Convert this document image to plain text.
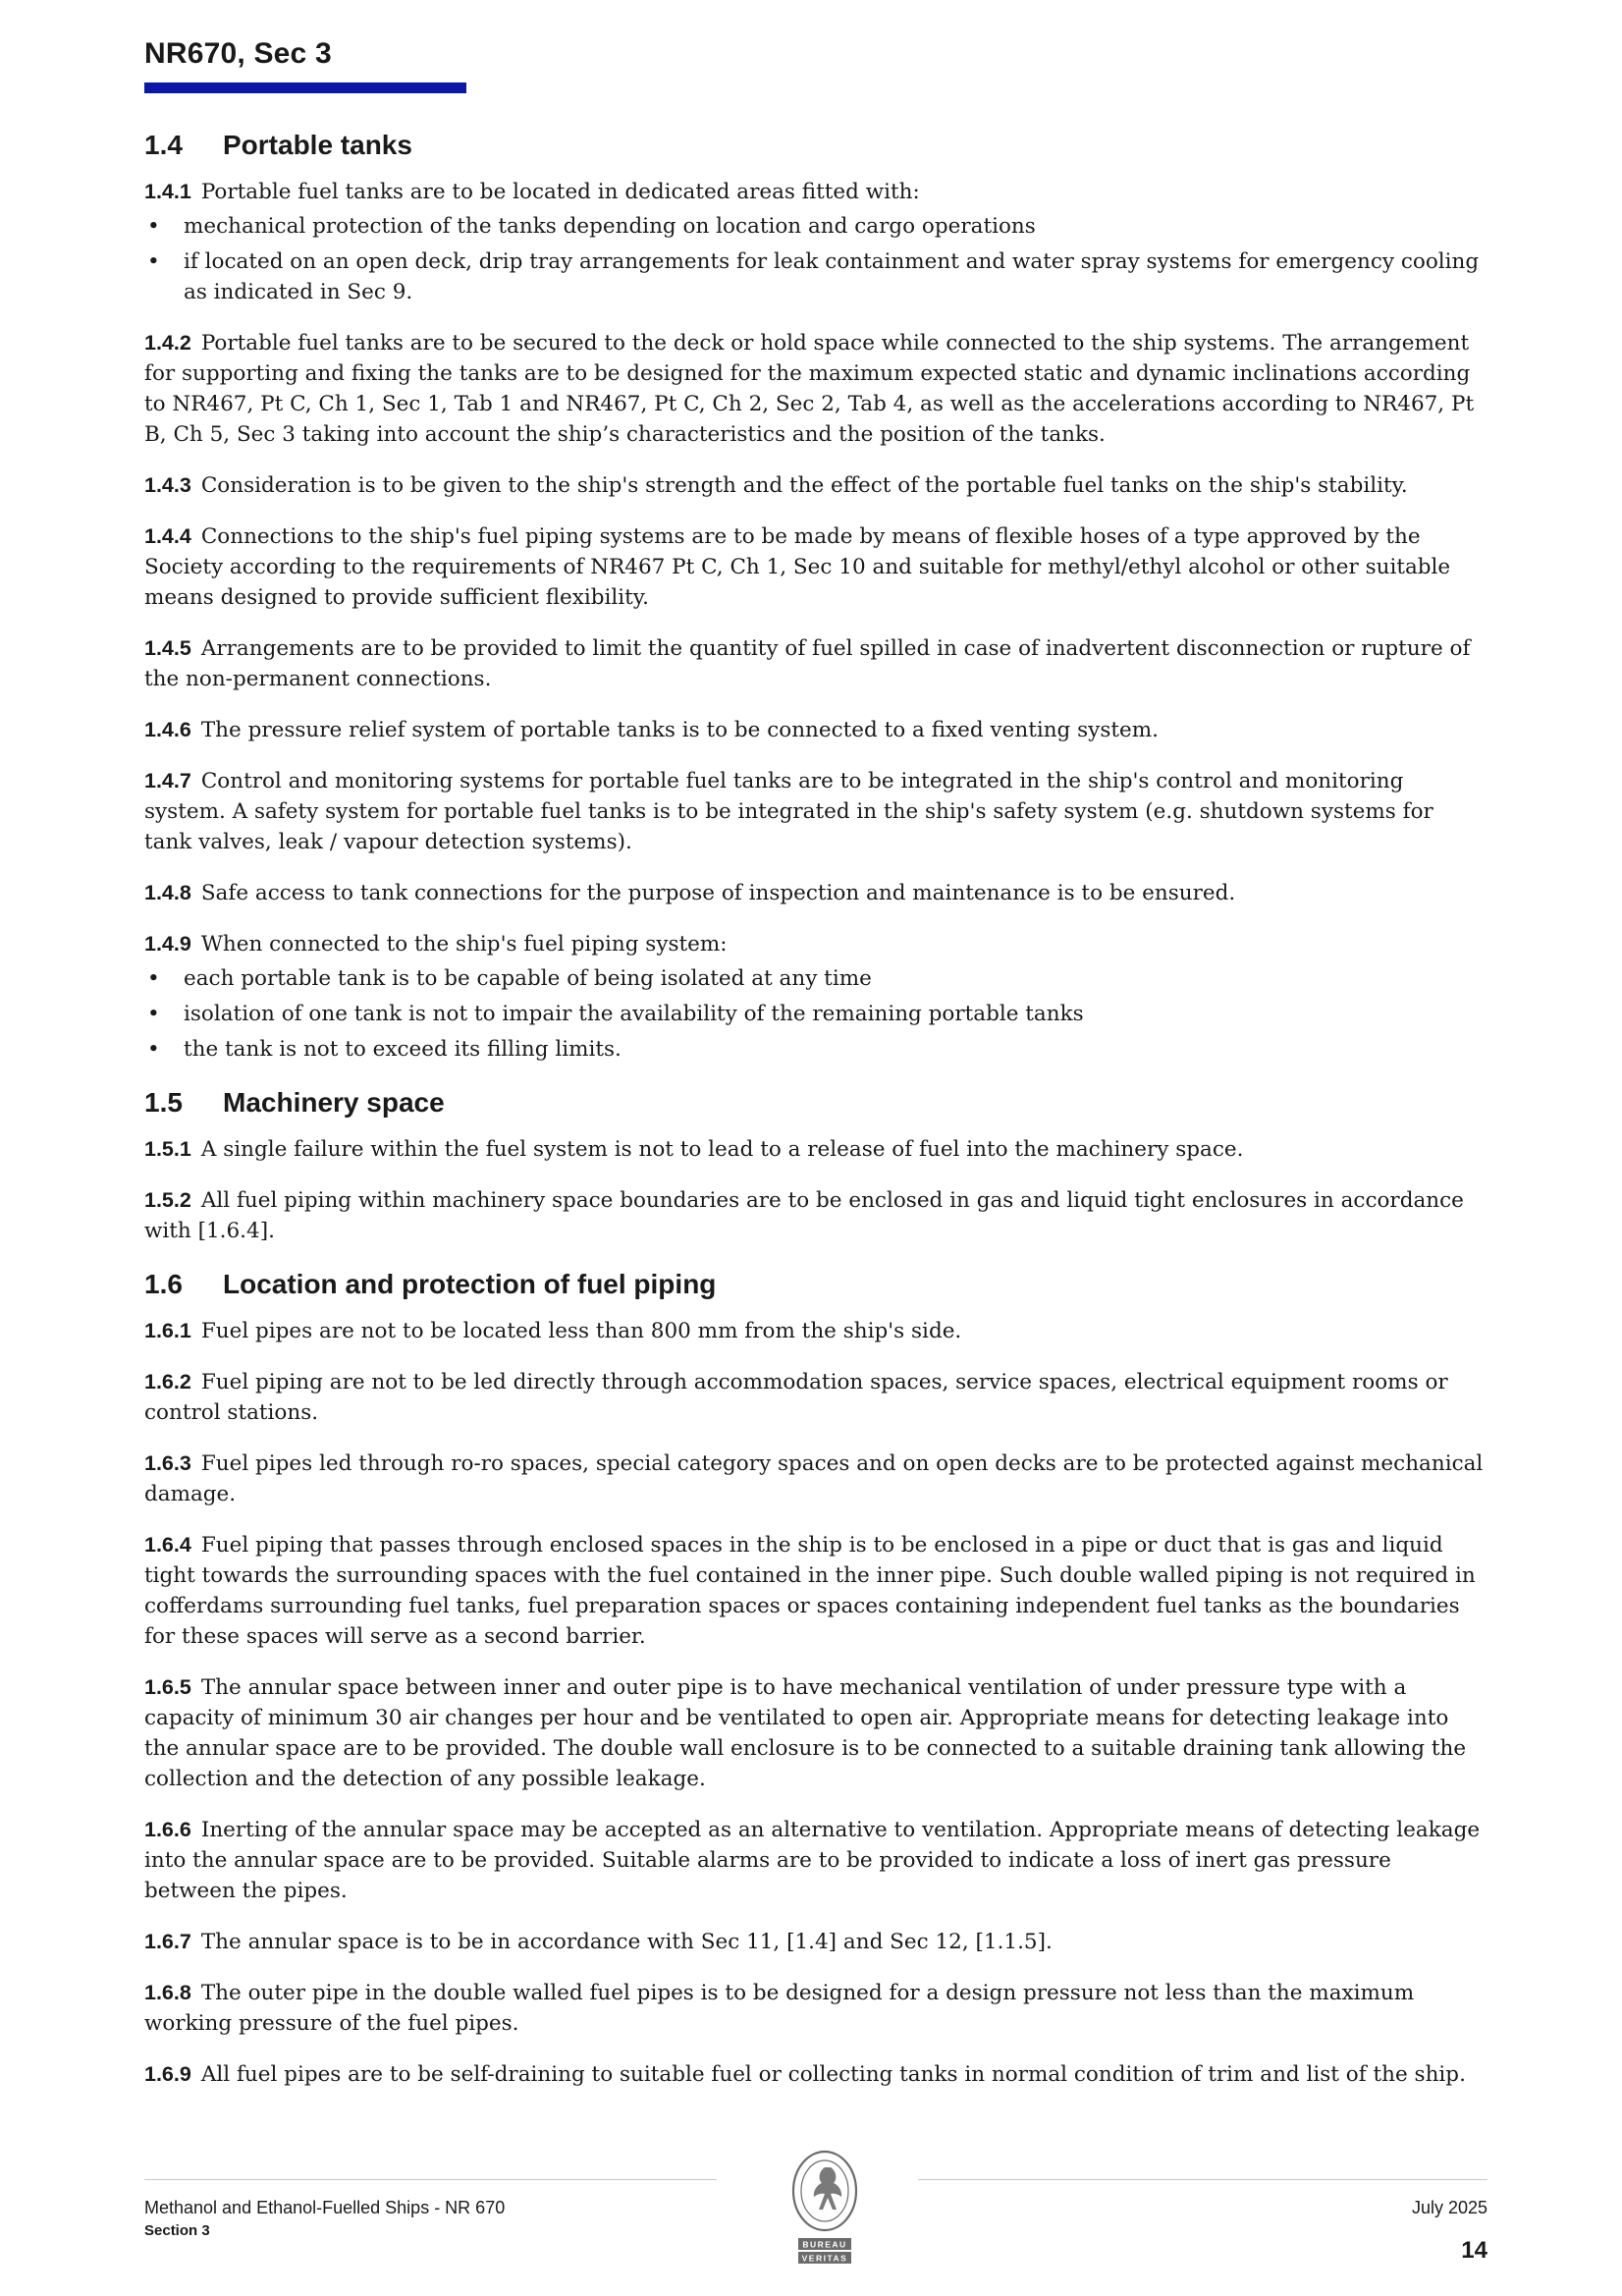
NR670, Sec 3
1.4 Portable tanks

1.4.1 Portable fuel tanks are to be located in dedicated areas fitted with:

• mechanical protection of the tanks depending on location and cargo operations
• if located on an open deck, drip tray arrangements for leak containment and water spray systems for emergency cooling as indicated in Sec 9.

1.4.2 Portable fuel tanks are to be secured to the deck or hold space while connected to the ship systems. The arrangement for supporting and fixing the tanks are to be designed for the maximum expected static and dynamic inclinations according to NR467, Pt C, Ch 1, Sec 1, Tab 1 and NR467, Pt C, Ch 2, Sec 2, Tab 4, as well as the accelerations according to NR467, Pt B, Ch 5, Sec 3 taking into account the ship’s characteristics and the position of the tanks.

1.4.3 Consideration is to be given to the ship's strength and the effect of the portable fuel tanks on the ship's stability.

1.4.4 Connections to the ship's fuel piping systems are to be made by means of flexible hoses of a type approved by the Society according to the requirements of NR467 Pt C, Ch 1, Sec 10 and suitable for methyl/ethyl alcohol or other suitable means designed to provide sufficient flexibility.

1.4.5 Arrangements are to be provided to limit the quantity of fuel spilled in case of inadvertent disconnection or rupture of the non-permanent connections.

1.4.6 The pressure relief system of portable tanks is to be connected to a fixed venting system.

1.4.7 Control and monitoring systems for portable fuel tanks are to be integrated in the ship's control and monitoring system. A safety system for portable fuel tanks is to be integrated in the ship's safety system (e.g. shutdown systems for tank valves, leak / vapour detection systems).

1.4.8 Safe access to tank connections for the purpose of inspection and maintenance is to be ensured.

1.4.9 When connected to the ship's fuel piping system:

• each portable tank is to be capable of being isolated at any time
• isolation of one tank is not to impair the availability of the remaining portable tanks
• the tank is not to exceed its filling limits.
1.5 Machinery space

1.5.1 A single failure within the fuel system is not to lead to a release of fuel into the machinery space.

1.5.2 All fuel piping within machinery space boundaries are to be enclosed in gas and liquid tight enclosures in accordance with [1.6.4].

1.6 Location and protection of fuel piping

1.6.1 Fuel pipes are not to be located less than 800 mm from the ship's side.

1.6.2 Fuel piping are not to be led directly through accommodation spaces, service spaces, electrical equipment rooms or control stations.

1.6.3 Fuel pipes led through ro-ro spaces, special category spaces and on open decks are to be protected against mechanical damage.

1.6.4 Fuel piping that passes through enclosed spaces in the ship is to be enclosed in a pipe or duct that is gas and liquid tight towards the surrounding spaces with the fuel contained in the inner pipe. Such double walled piping is not required in cofferdams surrounding fuel tanks, fuel preparation spaces or spaces containing independent fuel tanks as the boundaries for these spaces will serve as a second barrier.

1.6.5 The annular space between inner and outer pipe is to have mechanical ventilation of under pressure type with a capacity of minimum 30 air changes per hour and be ventilated to open air. Appropriate means for detecting leakage into the annular space are to be provided. The double wall enclosure is to be connected to a suitable draining tank allowing the collection and the detection of any possible leakage.

1.6.6 Inerting of the annular space may be accepted as an alternative to ventilation. Appropriate means of detecting leakage into the annular space are to be provided. Suitable alarms are to be provided to indicate a loss of inert gas pressure between the pipes.

1.6.7 The annular space is to be in accordance with Sec 11, [1.4] and Sec 12, [1.1.5].

1.6.8 The outer pipe in the double walled fuel pipes is to be designed for a design pressure not less than the maximum working pressure of the fuel pipes.

1.6.9 All fuel pipes are to be self-draining to suitable fuel or collecting tanks in normal condition of trim and list of the ship.

Methanol and Ethanol-Fuelled Ships - NR 670
Section 3
July 2025
14
BUREAU
VERITAS
